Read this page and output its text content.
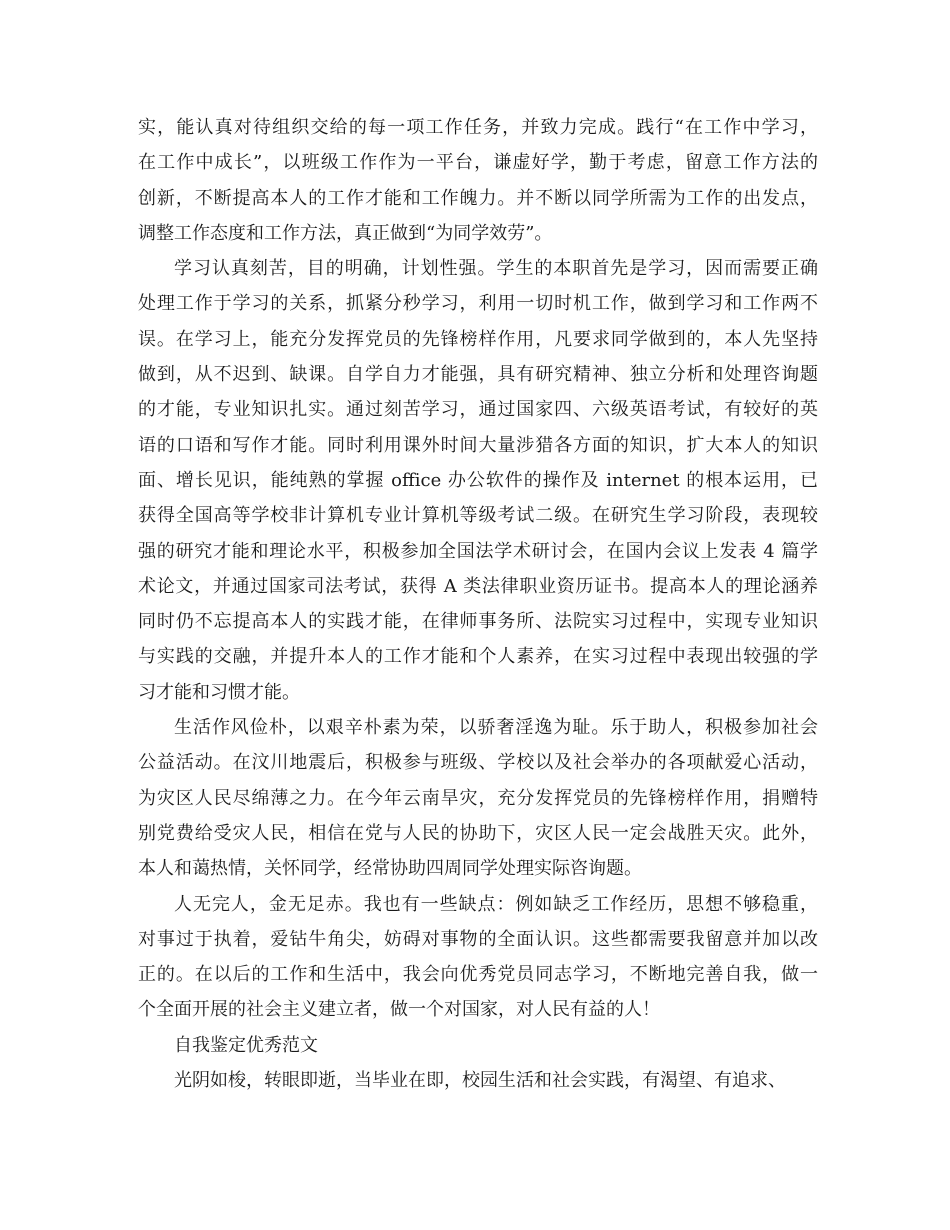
实，能认真对待组织交给的每一项工作任务，并致力完成。践行“在工作中学习，
在工作中成长”，以班级工作作为一平台，谦虚好学，勤于考虑，留意工作方法的
创新，不断提高本人的工作才能和工作魄力。并不断以同学所需为工作的出发点，
调整工作态度和工作方法，真正做到“为同学效劳”。
学习认真刻苦，目的明确，计划性强。学生的本职首先是学习，因而需要正确
处理工作于学习的关系，抓紧分秒学习，利用一切时机工作，做到学习和工作两不
误。在学习上，能充分发挥党员的先锋榜样作用，凡要求同学做到的，本人先坚持
做到，从不迟到、缺课。自学自力才能强，具有研究精神、独立分析和处理咨询题
的才能，专业知识扎实。通过刻苦学习，通过国家四、六级英语考试，有较好的英
语的口语和写作才能。同时利用课外时间大量涉猎各方面的知识，扩大本人的知识
面、增长见识，能纯熟的掌握 office 办公软件的操作及 internet 的根本运用，已
获得全国高等学校非计算机专业计算机等级考试二级。在研究生学习阶段，表现较
强的研究才能和理论水平，积极参加全国法学术研讨会，在国内会议上发表 4 篇学
术论文，并通过国家司法考试，获得 A 类法律职业资历证书。提高本人的理论涵养
同时仍不忘提高本人的实践才能，在律师事务所、法院实习过程中，实现专业知识
与实践的交融，并提升本人的工作才能和个人素养，在实习过程中表现出较强的学
习才能和习惯才能。
生活作风俭朴，以艰辛朴素为荣，以骄奢淫逸为耻。乐于助人，积极参加社会
公益活动。在汶川地震后，积极参与班级、学校以及社会举办的各项献爱心活动，
为灾区人民尽绵薄之力。在今年云南旱灾，充分发挥党员的先锋榜样作用，捐赠特
别党费给受灾人民，相信在党与人民的协助下，灾区人民一定会战胜天灾。此外，
本人和蔼热情，关怀同学，经常协助四周同学处理实际咨询题。
人无完人，金无足赤。我也有一些缺点：例如缺乏工作经历，思想不够稳重，
对事过于执着，爱钻牛角尖，妨碍对事物的全面认识。这些都需要我留意并加以改
正的。在以后的工作和生活中，我会向优秀党员同志学习，不断地完善自我，做一
个全面开展的社会主义建立者，做一个对国家，对人民有益的人！
自我鉴定优秀范文
光阴如梭，转眼即逝，当毕业在即，校园生活和社会实践，有渴望、有追求、
